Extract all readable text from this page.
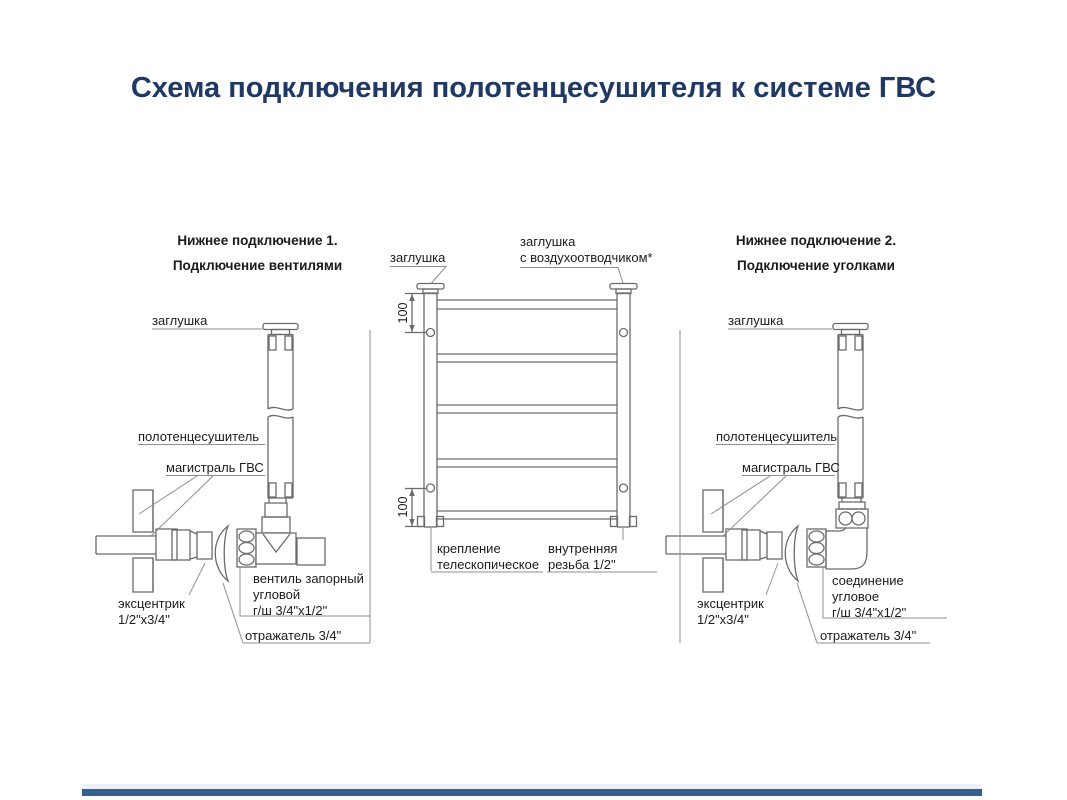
Схема подключения полотенцесушителя к системе ГВС
Нижнее подключение 1.
Подключение вентилями
Нижнее подключение 2.
Подключение уголками
заглушка
заглушка
с воздухоотводчиком*
100
100
крепление
телескопическое
внутренняя
резьба 1/2"
заглушка
полотенцесушитель
магистраль ГВС
эксцентрик
1/2"x3/4"
вентиль запорный
угловой
г/ш 3/4"x1/2"
отражатель 3/4"
заглушка
полотенцесушитель
магистраль ГВС
эксцентрик
1/2"x3/4"
соединение
угловое
г/ш 3/4"x1/2"
отражатель 3/4"
